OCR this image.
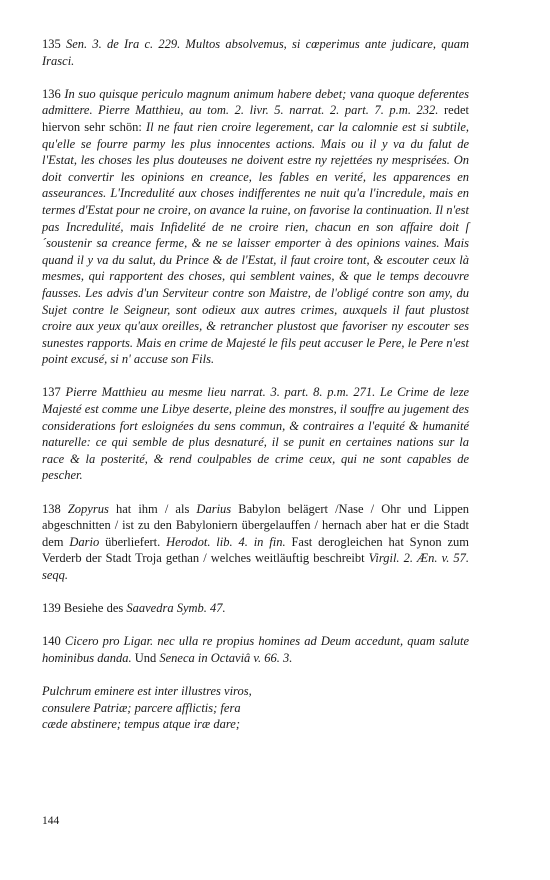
135 Sen. 3. de Ira c. 229. Multos absolvemus, si cœperimus ante judicare, quam Irasci.

136 In suo quisque periculo magnum animum habere debet; vana quoque deferentes admittere. Pierre Matthieu, au tom. 2. livr. 5. narrat. 2. part. 7. p.m. 232. redet hiervon sehr schön: Il ne faut rien croire legerement, car la calomnie est si subtile, qu'elle se fourre parmy les plus innocentes actions. Mais ou il y va du falut de l'Estat, les choses les plus douteuses ne doivent estre ny rejettées ny mesprisées. On doit convertir les opinions en creance, les fables en verité, les apparences en asseurances. L'Incredulité aux choses indifferentes ne nuit qu'a l'incredule, mais en termes d'Estat pour ne croire, on avance la ruine, on favorise la continuation. Il n'est pas Incredulité, mais Infidelité de ne croire rien, chacun en son affaire doit ſ´soustenir sa creance ferme, & ne se laisser emporter à des opinions vaines. Mais quand il y va du salut, du Prince & de l'Estat, il faut croire tont, & escouter ceux là mesmes, qui rapportent des choses, qui semblent vaines, & que le temps decouvre fausses. Les advis d'un Serviteur contre son Maistre, de l'obligé contre son amy, du Sujet contre le Seigneur, sont odieux aux autres crimes, auxquels il faut plustost croire aux yeux qu'aux oreilles, & retrancher plustost que favoriser ny escouter ses sunestes rapports. Mais en crime de Majesté le fils peut accuser le Pere, le Pere n'est point excusé, si n' accuse son Fils.

137 Pierre Matthieu au mesme lieu narrat. 3. part. 8. p.m. 271. Le Crime de leze Majesté est comme une Libye deserte, pleine des monstres, il souffre au jugement des considerations fort esloignées du sens commun, & contraires a l'equité & humanité naturelle: ce qui semble de plus desnaturé, il se punit en certaines nations sur la race & la posterité, & rend coulpables de crime ceux, qui ne sont capables de pescher.

138 Zopyrus hat ihm / als Darius Babylon belägert /Nase / Ohr und Lippen abgeschnitten / ist zu den Babyloniern übergelauffen / hernach aber hat er die Stadt dem Dario überliefert. Herodot. lib. 4. in fin. Fast derogleichen hat Synon zum Verderb der Stadt Troja gethan / welches weitläuftig beschreibt Virgil. 2. Æn. v. 57. seqq.

139 Besiehe des Saavedra Symb. 47.

140 Cicero pro Ligar. nec ulla re propius homines ad Deum accedunt, quam salute hominibus danda. Und Seneca in Octaviâ v. 66. 3.

Pulchrum eminere est inter illustres viros,
consulere Patriæ; parcere afflictis; fera
cæde abstinere; tempus atque iræ dare;
144
